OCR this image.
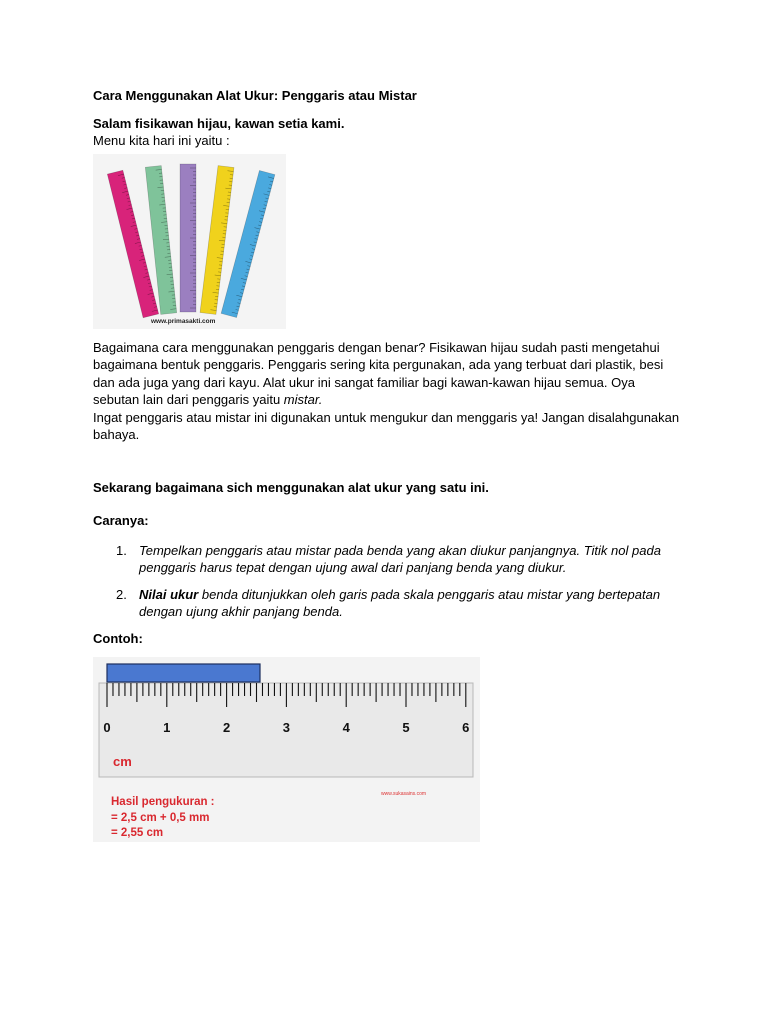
Cara Menggunakan Alat Ukur: Penggaris atau Mistar

Salam fisikawan hijau, kawan setia kami.

Menu kita hari ini yaitu :

www.primasakti.com

Bagaimana cara menggunakan penggaris dengan benar? Fisikawan hijau sudah pasti mengetahui bagaimana bentuk penggaris. Penggaris sering kita pergunakan, ada yang terbuat dari plastik, besi dan ada juga yang dari kayu. Alat ukur ini sangat familiar bagi kawan-kawan hijau semua. Oya sebutan lain dari penggaris yaitu mistar.

Ingat penggaris atau mistar ini digunakan untuk mengukur dan menggaris ya! Jangan disalahgunakan bahaya.

Sekarang bagaimana sich menggunakan alat ukur yang satu ini.

Caranya:

1. Tempelkan penggaris atau mistar pada benda yang akan diukur panjangnya. Titik nol pada penggaris harus tepat dengan ujung awal dari panjang benda yang diukur.
2. Nilai ukur benda ditunjukkan oleh garis pada skala penggaris atau mistar yang bertepatan dengan ujung akhir panjang benda.

Contoh:

0	1	2	3	4	5	6
cm
www.sukasains.com
Hasil pengukuran :
= 2,5 cm + 0,5 mm
= 2,55 cm
